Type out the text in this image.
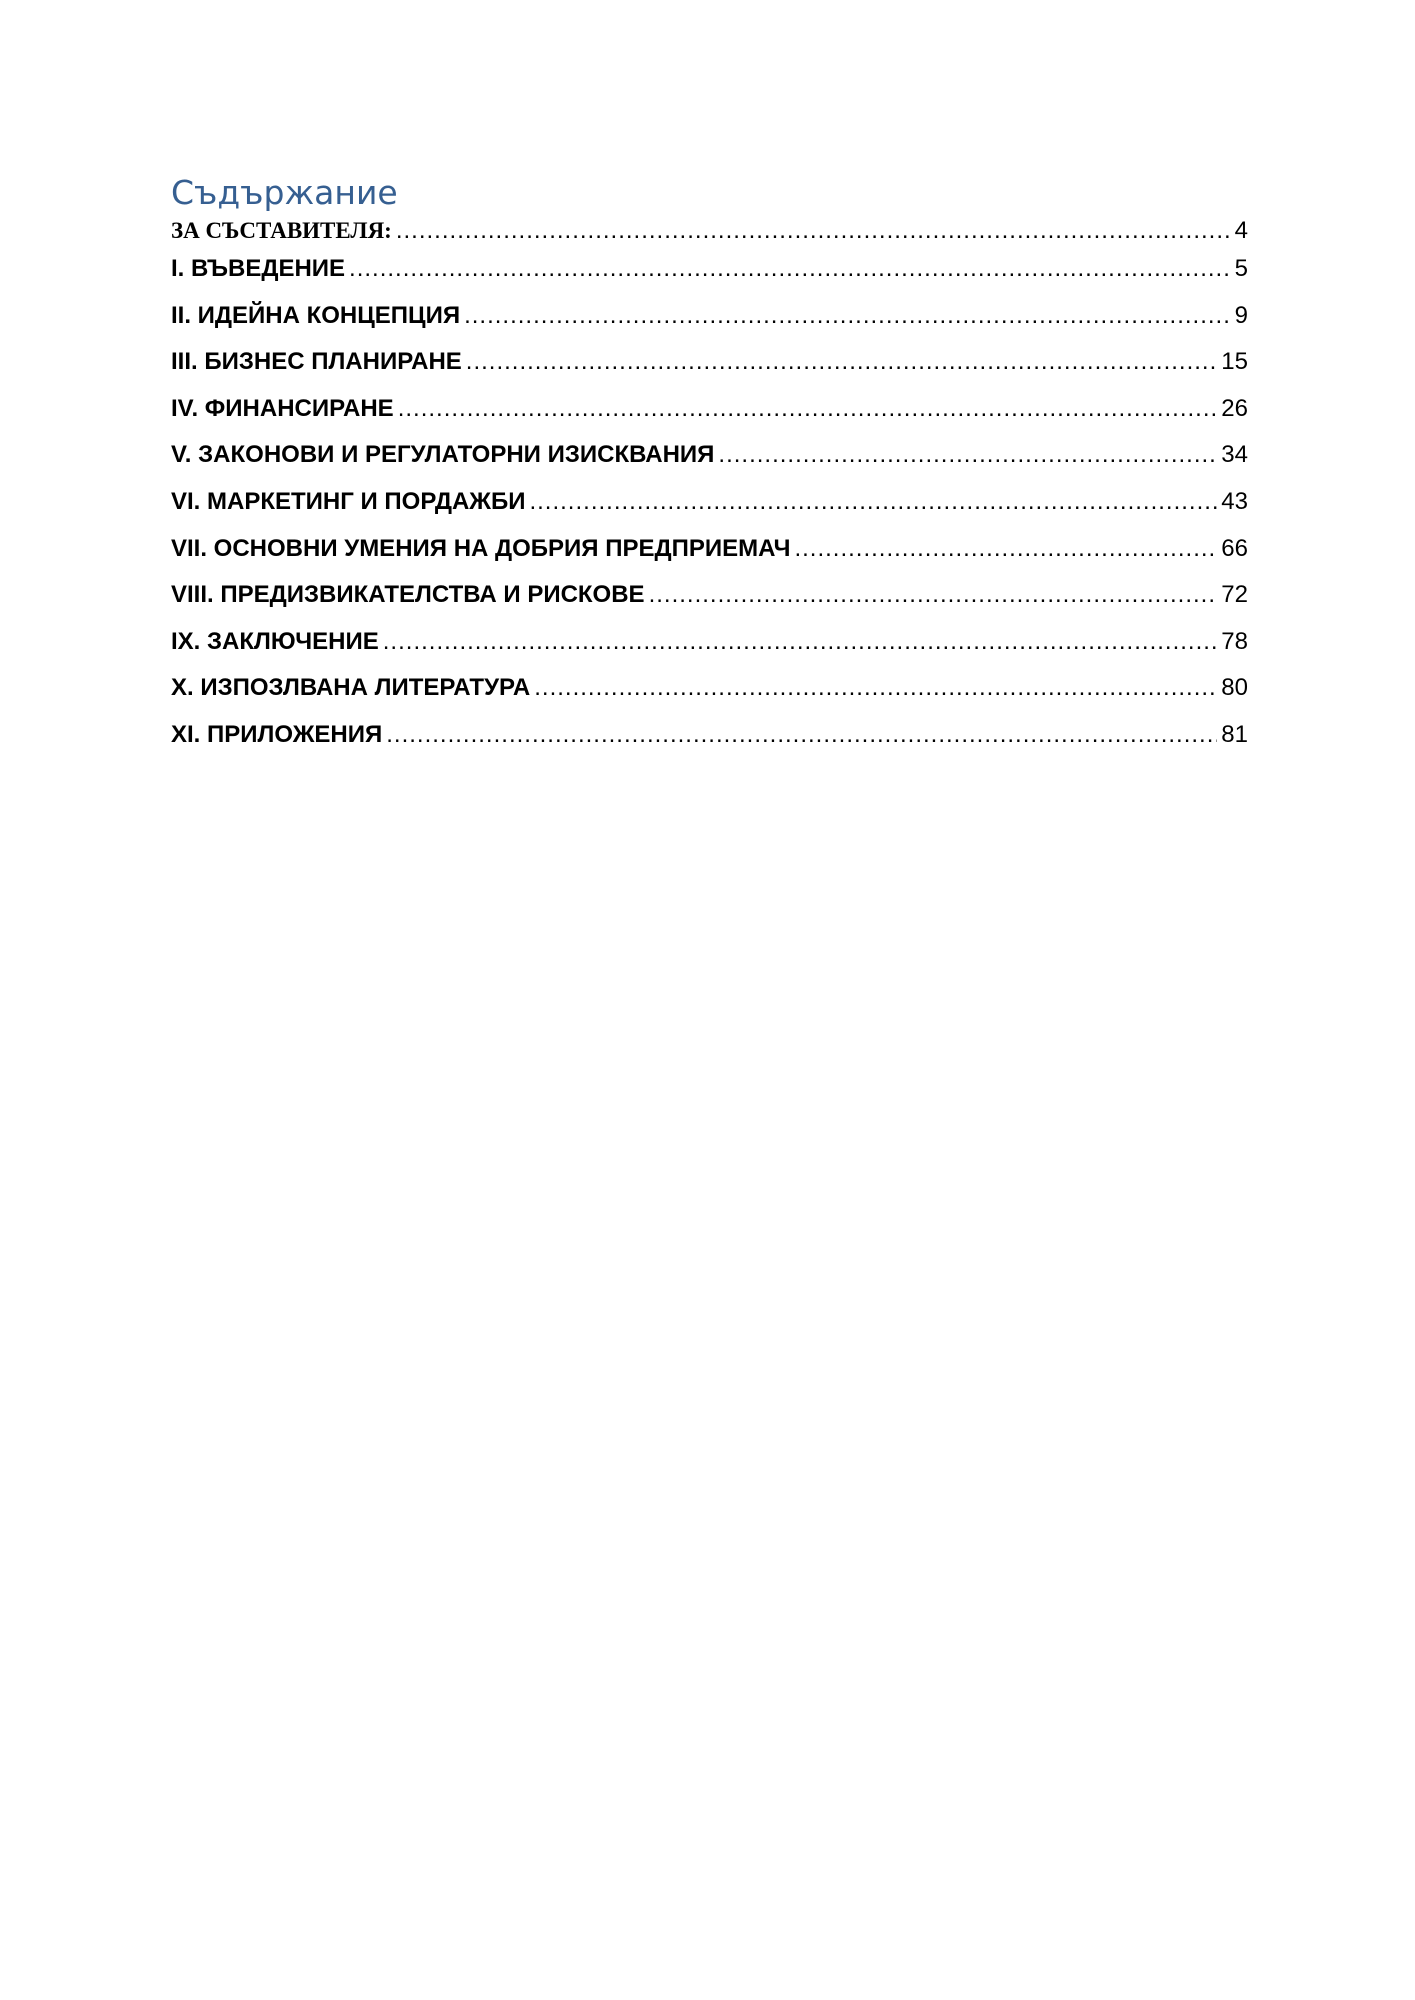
Съдържание
ЗА СЪСТАВИТЕЛЯ: .....	4
I. ВЪВЕДЕНИЕ .....	5
II. ИДЕЙНА КОНЦЕПЦИЯ .....	9
III. БИЗНЕС ПЛАНИРАНЕ .....	15
IV. ФИНАНСИРАНЕ .....	26
V. ЗАКОНОВИ И РЕГУЛАТОРНИ ИЗИСКВАНИЯ .....	34
VI. МАРКЕТИНГ И ПОРДАЖБИ .....	43
VII. ОСНОВНИ УМЕНИЯ НА ДОБРИЯ ПРЕДПРИЕМАЧ .....	66
VIII. ПРЕДИЗВИКАТЕЛСТВА И РИСКОВЕ .....	72
IX. ЗАКЛЮЧЕНИЕ .....	78
X. ИЗПОЗЛВАНА ЛИТЕРАТУРА .....	80
XI. ПРИЛОЖЕНИЯ .....	81
